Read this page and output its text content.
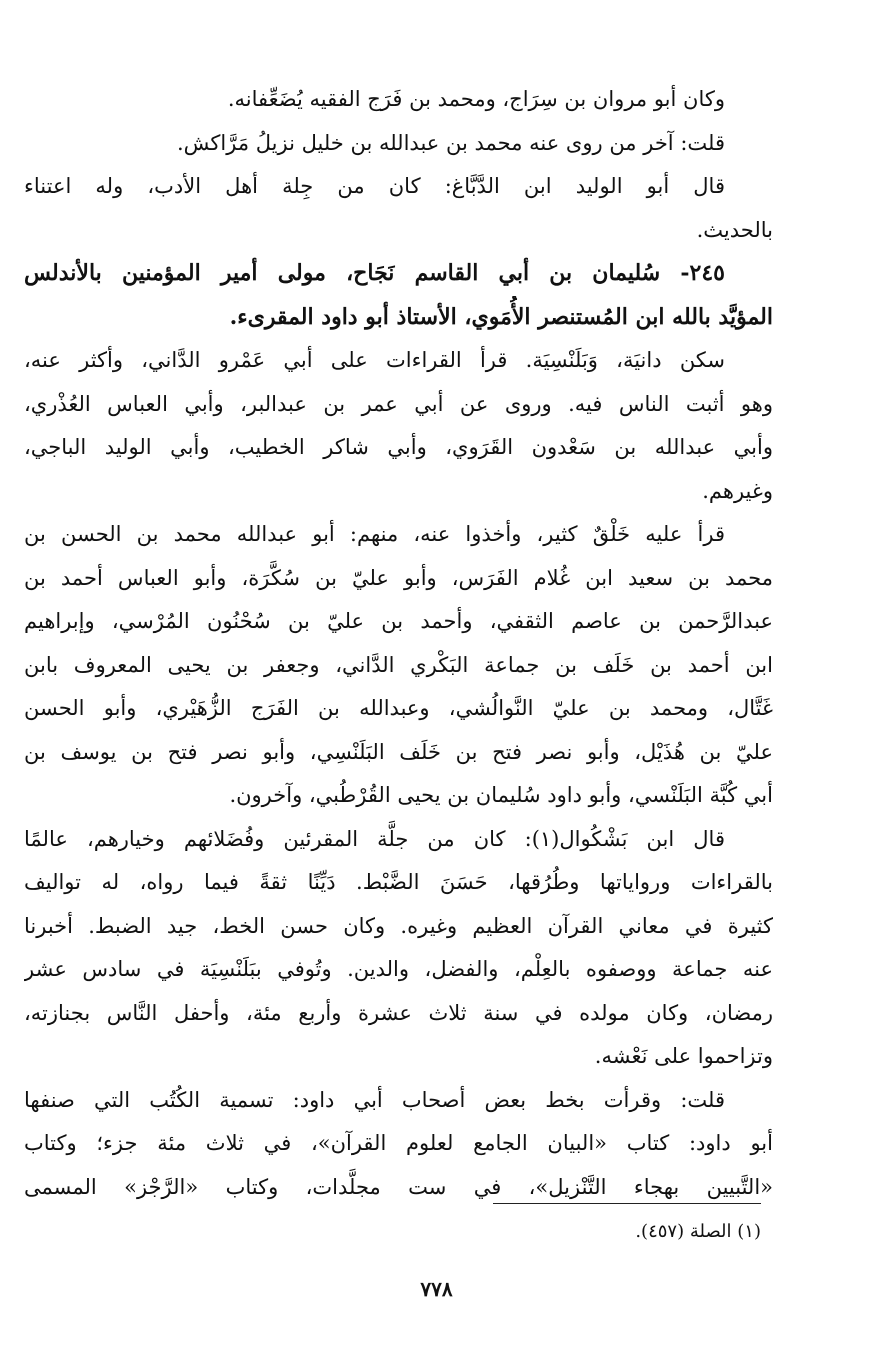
وكان أبو مروان بن سِرَاج، ومحمد بن فَرَج الفقيه يُضَعِّفانه.
قلت: آخر من روى عنه محمد بن عبدالله بن خليل نزيلُ مَرَّاكش.
قال أبو الوليد ابن الدَّبَّاغ: كان من جِلة أهل الأدب، وله اعتناء
بالحديث.
٢٤٥- سُليمان بن أبي القاسم نَجَاح، مولى أمير المؤمنين بالأندلس
المؤيَّد بالله ابن المُستنصر الأُمَوي، الأستاذ أبو داود المقرىء.
سكن دانيَة، وَبَلَنْسِيَة. قرأ القراءات على أبي عَمْرو الدَّاني، وأكثر عنه،
وهو أثبت الناس فيه. وروى عن أبي عمر بن عبدالبر، وأبي العباس العُذْري،
وأبي عبدالله بن سَعْدون القَرَوي، وأبي شاكر الخطيب، وأبي الوليد الباجي،
وغيرهم.
قرأ عليه خَلْقٌ كثير، وأخذوا عنه، منهم: أبو عبدالله محمد بن الحسن بن
محمد بن سعيد ابن غُلام الفَرَس، وأبو عليّ بن سُكَّرَة، وأبو العباس أحمد بن
عبدالرَّحمن بن عاصم الثقفي، وأحمد بن عليّ بن سُحْنُون المُرْسي، وإبراهيم
ابن أحمد بن خَلَف بن جماعة البَكْري الدَّاني، وجعفر بن يحيى المعروف بابن
غَتَّال، ومحمد بن عليّ النَّوالُشي، وعبدالله بن الفَرَج الزُّهَيْري، وأبو الحسن
عليّ بن هُذَيْل، وأبو نصر فتح بن خَلَف البَلَنْسِي، وأبو نصر فتح بن يوسف بن
أبي كُبَّة البَلَنْسي، وأبو داود سُليمان بن يحيى القُرْطُبي، وآخرون.
قال ابن بَشْكُوال(١): كان من جلَّة المقرئين وفُضَلائهم وخيارهم، عالمًا
بالقراءات ورواياتها وطُرُقها، حَسَنَ الضَّبْط. دَيِّنًا ثقةً فيما رواه، له تواليف
كثيرة في معاني القرآن العظيم وغيره. وكان حسن الخط، جيد الضبط. أخبرنا
عنه جماعة ووصفوه بالعِلْم، والفضل، والدين. وتُوفي ببَلَنْسِيَة في سادس عشر
رمضان، وكان مولده في سنة ثلاث عشرة وأربع مئة، وأحفل النَّاس بجنازته،
وتزاحموا على نَعْشه.
قلت: وقرأت بخط بعض أصحاب أبي داود: تسمية الكُتُب التي صنفها
أبو داود: كتاب «البيان الجامع لعلوم القرآن»، في ثلاث مئة جزء؛ وكتاب
«التَّبيين بهجاء التَّنْزيل»، في ست مجلَّدات، وكتاب «الرَّجْز» المسمى
(١) الصلة (٤٥٧).
٧٧٨
